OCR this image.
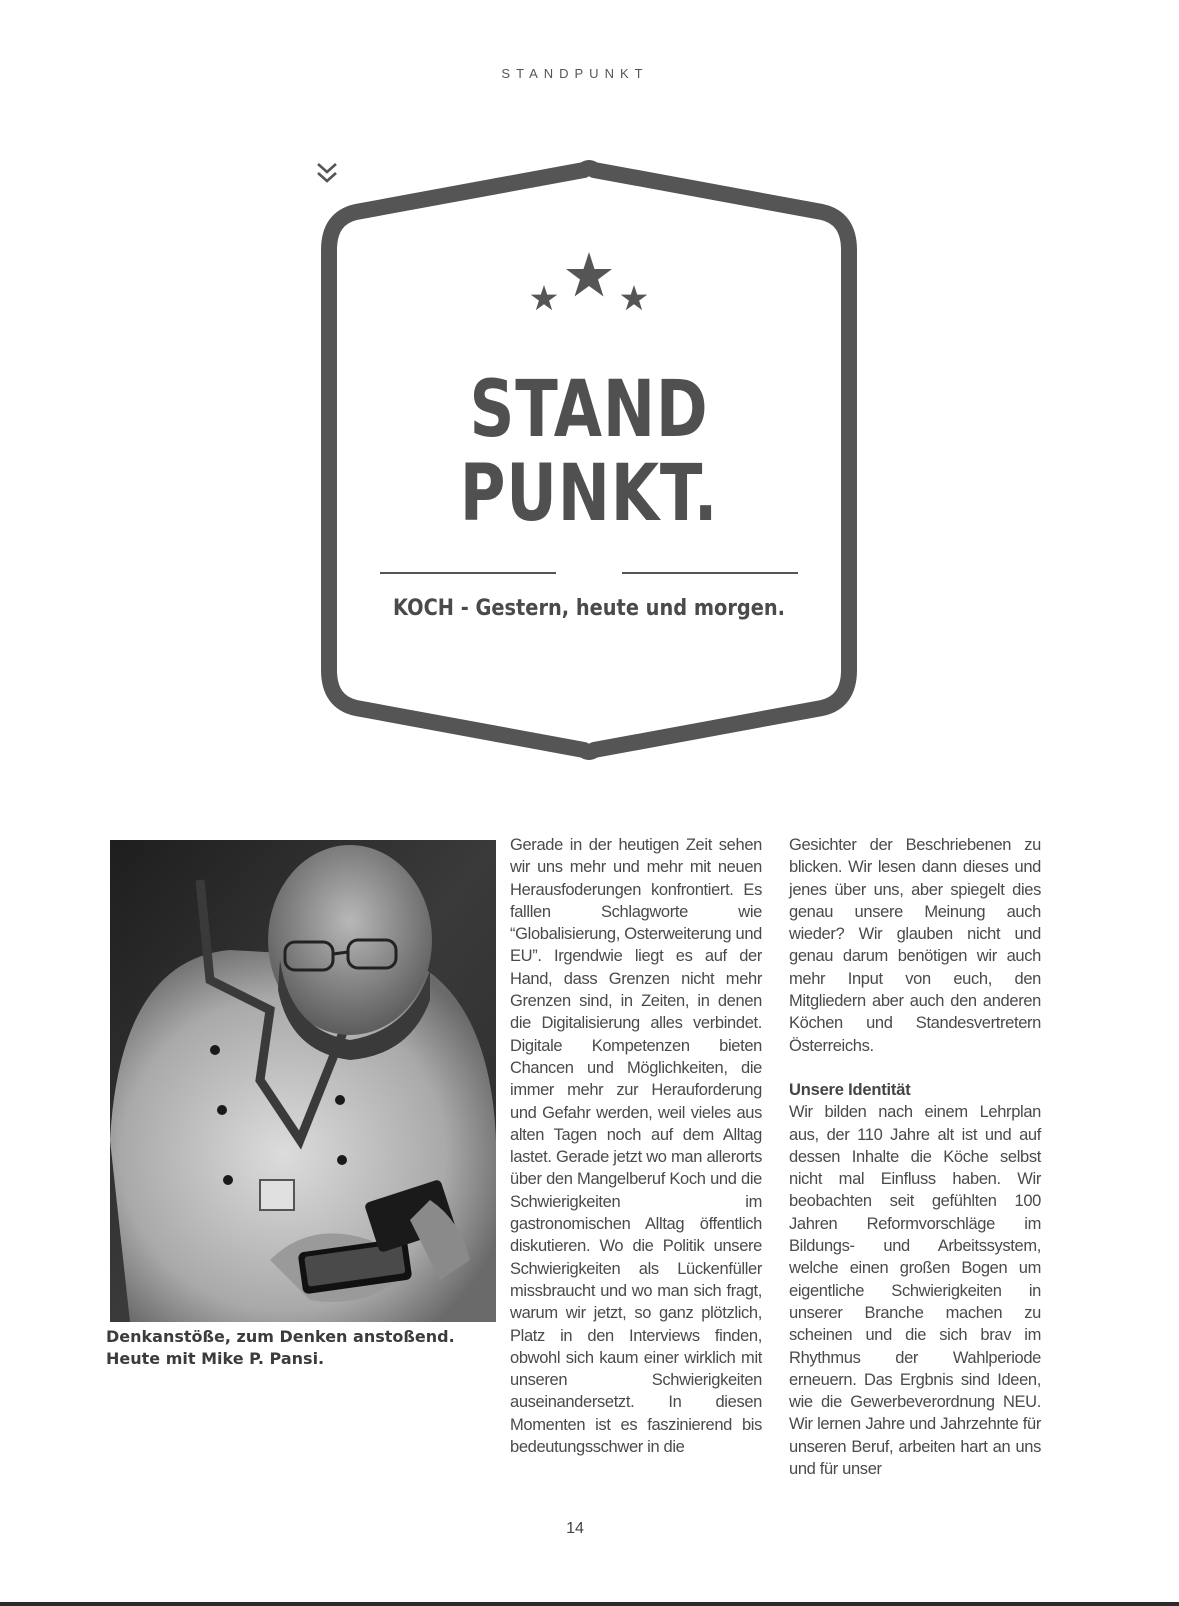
STANDPUNKT
STAND
PUNKT.
KOCH - Gestern, heute und morgen.
Denkanstöße, zum Denken anstoßend.
Heute mit Mike P. Pansi.

Gerade in der heutigen Zeit sehen wir uns mehr und mehr mit neuen Herausfoderungen konfrontiert. Es falllen Schlagworte wie “Globalisierung, Osterweiterung und EU”. Irgendwie liegt es auf der Hand, dass Grenzen nicht mehr Grenzen sind, in Zeiten, in denen die Digitalisierung alles verbindet. Digitale Kompetenzen bieten Chancen und Möglichkeiten, die immer mehr zur Herauforderung und Gefahr werden, weil vieles aus alten Tagen noch auf dem Alltag lastet. Gerade jetzt wo man allerorts über den Mangelberuf Koch und die Schwierigkeiten im gastronomischen Alltag öffentlich diskutieren. Wo die Politik unsere Schwierigkeiten als Lückenfüller missbraucht und wo man sich fragt, warum wir jetzt, so ganz plötzlich, Platz in den Interviews finden, obwohl sich kaum einer wirklich mit unseren Schwierigkeiten auseinandersetzt. In diesen Momenten ist es faszinierend bis bedeutungsschwer in die

Gesichter der Beschriebenen zu blicken. Wir lesen dann dieses und jenes über uns, aber spiegelt dies genau unsere Meinung auch wieder? Wir glauben nicht und genau darum benötigen wir auch mehr Input von euch, den Mitgliedern aber auch den anderen Köchen und Standesvertretern Österreichs.

Unsere Identität

Wir bilden nach einem Lehrplan aus, der 110 Jahre alt ist und auf dessen Inhalte die Köche selbst nicht mal Einfluss haben. Wir beobachten seit gefühlten 100 Jahren Reformvorschläge im Bildungs- und Arbeitssystem, welche einen großen Bogen um eigentliche Schwierigkeiten in unserer Branche machen zu scheinen und die sich brav im Rhythmus der Wahlperiode erneuern. Das Ergbnis sind Ideen, wie die Gewerbeverordnung NEU. Wir lernen Jahre und Jahrzehnte für unseren Beruf, arbeiten hart an uns und für unser

14
